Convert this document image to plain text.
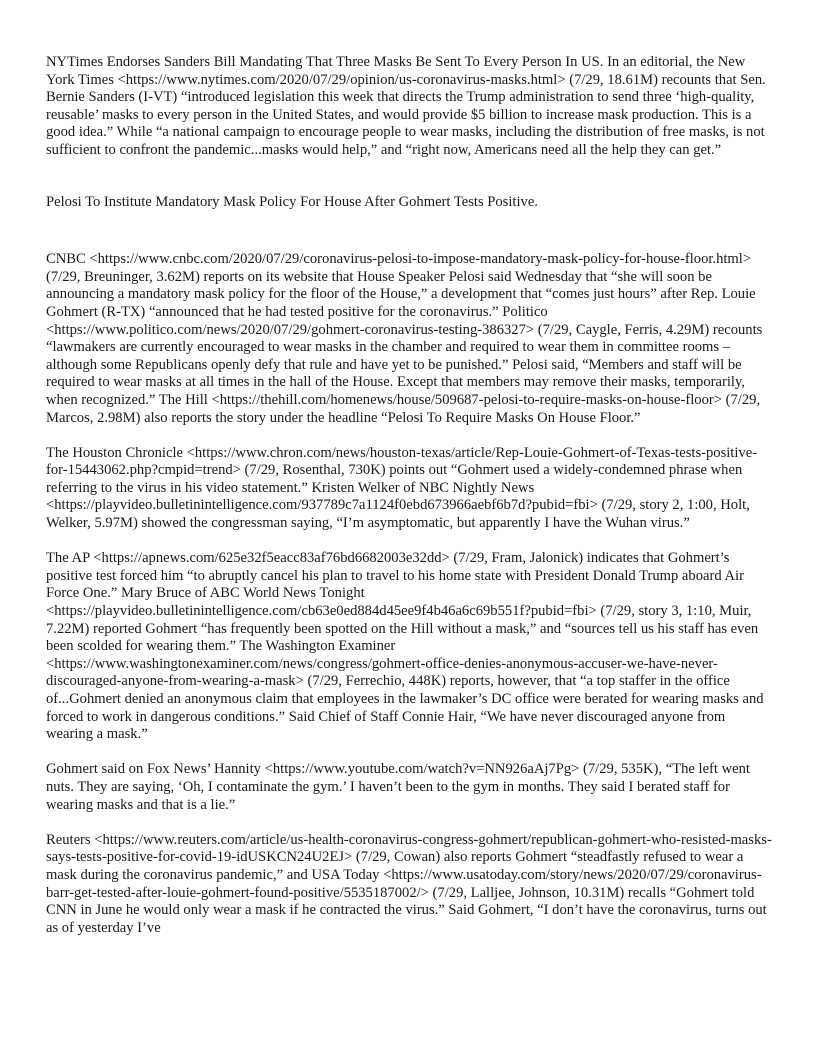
NYTimes Endorses Sanders Bill Mandating That Three Masks Be Sent To Every Person In US. In an editorial, the New York Times <https://www.nytimes.com/2020/07/29/opinion/us-coronavirus-masks.html> (7/29, 18.61M) recounts that Sen. Bernie Sanders (I-VT) “introduced legislation this week that directs the Trump administration to send three ‘high-quality, reusable’ masks to every person in the United States, and would provide $5 billion to increase mask production. This is a good idea.” While “a national campaign to encourage people to wear masks, including the distribution of free masks, is not sufficient to confront the pandemic...masks would help,” and “right now, Americans need all the help they can get.”

Pelosi To Institute Mandatory Mask Policy For House After Gohmert Tests Positive.

CNBC <https://www.cnbc.com/2020/07/29/coronavirus-pelosi-to-impose-mandatory-mask-policy-for-house-floor.html> (7/29, Breuninger, 3.62M) reports on its website that House Speaker Pelosi said Wednesday that “she will soon be announcing a mandatory mask policy for the floor of the House,” a development that “comes just hours” after Rep. Louie Gohmert (R-TX) “announced that he had tested positive for the coronavirus.” Politico <https://www.politico.com/news/2020/07/29/gohmert-coronavirus-testing-386327> (7/29, Caygle, Ferris, 4.29M) recounts “lawmakers are currently encouraged to wear masks in the chamber and required to wear them in committee rooms – although some Republicans openly defy that rule and have yet to be punished.” Pelosi said, “Members and staff will be required to wear masks at all times in the hall of the House. Except that members may remove their masks, temporarily, when recognized.” The Hill <https://thehill.com/homenews/house/509687-pelosi-to-require-masks-on-house-floor> (7/29, Marcos, 2.98M) also reports the story under the headline “Pelosi To Require Masks On House Floor.”

The Houston Chronicle <https://www.chron.com/news/houston-texas/article/Rep-Louie-Gohmert-of-Texas-tests-positive-for-15443062.php?cmpid=trend> (7/29, Rosenthal, 730K) points out “Gohmert used a widely-condemned phrase when referring to the virus in his video statement.” Kristen Welker of NBC Nightly News <https://playvideo.bulletinintelligence.com/937789c7a1124f0ebd673966aebf6b7d?pubid=fbi> (7/29, story 2, 1:00, Holt, Welker, 5.97M) showed the congressman saying, “I’m asymptomatic, but apparently I have the Wuhan virus.”

The AP <https://apnews.com/625e32f5eacc83af76bd6682003e32dd> (7/29, Fram, Jalonick) indicates that Gohmert’s positive test forced him “to abruptly cancel his plan to travel to his home state with President Donald Trump aboard Air Force One.” Mary Bruce of ABC World News Tonight <https://playvideo.bulletinintelligence.com/cb63e0ed884d45ee9f4b46a6c69b551f?pubid=fbi> (7/29, story 3, 1:10, Muir, 7.22M) reported Gohmert “has frequently been spotted on the Hill without a mask,” and “sources tell us his staff has even been scolded for wearing them.” The Washington Examiner <https://www.washingtonexaminer.com/news/congress/gohmert-office-denies-anonymous-accuser-we-have-never-discouraged-anyone-from-wearing-a-mask> (7/29, Ferrechio, 448K) reports, however, that “a top staffer in the office of...Gohmert denied an anonymous claim that employees in the lawmaker’s DC office were berated for wearing masks and forced to work in dangerous conditions.” Said Chief of Staff Connie Hair, “We have never discouraged anyone from wearing a mask.”

Gohmert said on Fox News’ Hannity <https://www.youtube.com/watch?v=NN926aAj7Pg> (7/29, 535K), “The left went nuts. They are saying, ‘Oh, I contaminate the gym.’ I haven’t been to the gym in months. They said I berated staff for wearing masks and that is a lie.”

Reuters <https://www.reuters.com/article/us-health-coronavirus-congress-gohmert/republican-gohmert-who-resisted-masks-says-tests-positive-for-covid-19-idUSKCN24U2EJ> (7/29, Cowan) also reports Gohmert “steadfastly refused to wear a mask during the coronavirus pandemic,” and USA Today <https://www.usatoday.com/story/news/2020/07/29/coronavirus-barr-get-tested-after-louie-gohmert-found-positive/5535187002/> (7/29, Lalljee, Johnson, 10.31M) recalls “Gohmert told CNN in June he would only wear a mask if he contracted the virus.” Said Gohmert, “I don’t have the coronavirus, turns out as of yesterday I’ve
